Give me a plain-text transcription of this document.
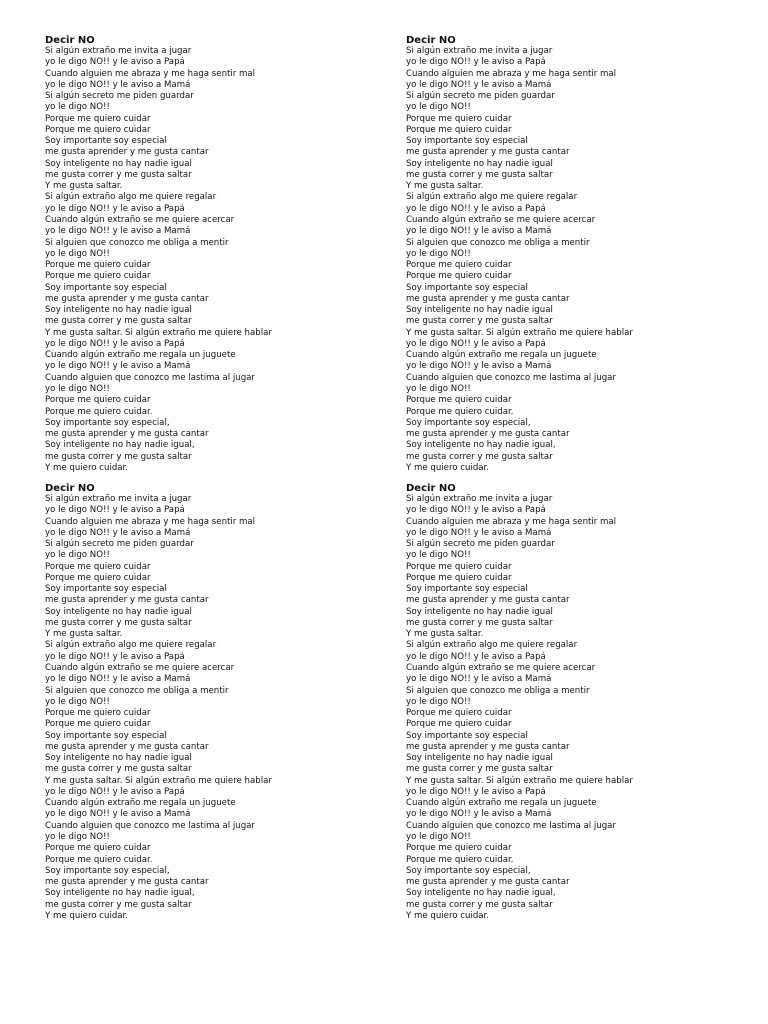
Decir NO
Si algún extraño me invita a jugar
yo le digo NO!! y le aviso a Papá
Cuando alguien me abraza y me haga sentir mal
yo le digo NO!! y le aviso a Mamá
Si algún secreto me piden guardar
yo le digo NO!!
Porque me quiero cuidar
Porque me quiero cuidar
Soy importante soy especial
me gusta aprender y me gusta cantar
Soy inteligente no hay nadie igual
me gusta correr y me gusta saltar
Y me gusta saltar.
Si algún extraño algo me quiere regalar
yo le digo NO!! y le aviso a Papá
Cuando algún extraño se me quiere acercar
yo le digo NO!! y le aviso a Mamá
Si alguien que conozco me obliga a mentir
yo le digo NO!!
Porque me quiero cuidar
Porque me quiero cuidar
Soy importante soy especial
me gusta aprender y me gusta cantar
Soy inteligente no hay nadie igual
me gusta correr y me gusta saltar
Y me gusta saltar. Si algún extraño me quiere hablar
yo le digo NO!! y le aviso a Papá
Cuando algún extraño me regala un juguete
yo le digo NO!! y le aviso a Mamá
Cuando alguien que conozco me lastima al jugar
yo le digo NO!!
Porque me quiero cuidar
Porque me quiero cuidar.
Soy importante soy especial,
me gusta aprender y me gusta cantar
Soy inteligente no hay nadie igual,
me gusta correr y me gusta saltar
Y me quiero cuidar.
Decir NO
Si algún extraño me invita a jugar
yo le digo NO!! y le aviso a Papá
Cuando alguien me abraza y me haga sentir mal
yo le digo NO!! y le aviso a Mamá
Si algún secreto me piden guardar
yo le digo NO!!
Porque me quiero cuidar
Porque me quiero cuidar
Soy importante soy especial
me gusta aprender y me gusta cantar
Soy inteligente no hay nadie igual
me gusta correr y me gusta saltar
Y me gusta saltar.
Si algún extraño algo me quiere regalar
yo le digo NO!! y le aviso a Papá
Cuando algún extraño se me quiere acercar
yo le digo NO!! y le aviso a Mamá
Si alguien que conozco me obliga a mentir
yo le digo NO!!
Porque me quiero cuidar
Porque me quiero cuidar
Soy importante soy especial
me gusta aprender y me gusta cantar
Soy inteligente no hay nadie igual
me gusta correr y me gusta saltar
Y me gusta saltar. Si algún extraño me quiere hablar
yo le digo NO!! y le aviso a Papá
Cuando algún extraño me regala un juguete
yo le digo NO!! y le aviso a Mamá
Cuando alguien que conozco me lastima al jugar
yo le digo NO!!
Porque me quiero cuidar
Porque me quiero cuidar.
Soy importante soy especial,
me gusta aprender y me gusta cantar
Soy inteligente no hay nadie igual,
me gusta correr y me gusta saltar
Y me quiero cuidar.
Decir NO
Si algún extraño me invita a jugar
yo le digo NO!! y le aviso a Papá
Cuando alguien me abraza y me haga sentir mal
yo le digo NO!! y le aviso a Mamá
Si algún secreto me piden guardar
yo le digo NO!!
Porque me quiero cuidar
Porque me quiero cuidar
Soy importante soy especial
me gusta aprender y me gusta cantar
Soy inteligente no hay nadie igual
me gusta correr y me gusta saltar
Y me gusta saltar.
Si algún extraño algo me quiere regalar
yo le digo NO!! y le aviso a Papá
Cuando algún extraño se me quiere acercar
yo le digo NO!! y le aviso a Mamá
Si alguien que conozco me obliga a mentir
yo le digo NO!!
Porque me quiero cuidar
Porque me quiero cuidar
Soy importante soy especial
me gusta aprender y me gusta cantar
Soy inteligente no hay nadie igual
me gusta correr y me gusta saltar
Y me gusta saltar. Si algún extraño me quiere hablar
yo le digo NO!! y le aviso a Papá
Cuando algún extraño me regala un juguete
yo le digo NO!! y le aviso a Mamá
Cuando alguien que conozco me lastima al jugar
yo le digo NO!!
Porque me quiero cuidar
Porque me quiero cuidar.
Soy importante soy especial,
me gusta aprender y me gusta cantar
Soy inteligente no hay nadie igual,
me gusta correr y me gusta saltar
Y me quiero cuidar.
Decir NO
Si algún extraño me invita a jugar
yo le digo NO!! y le aviso a Papá
Cuando alguien me abraza y me haga sentir mal
yo le digo NO!! y le aviso a Mamá
Si algún secreto me piden guardar
yo le digo NO!!
Porque me quiero cuidar
Porque me quiero cuidar
Soy importante soy especial
me gusta aprender y me gusta cantar
Soy inteligente no hay nadie igual
me gusta correr y me gusta saltar
Y me gusta saltar.
Si algún extraño algo me quiere regalar
yo le digo NO!! y le aviso a Papá
Cuando algún extraño se me quiere acercar
yo le digo NO!! y le aviso a Mamá
Si alguien que conozco me obliga a mentir
yo le digo NO!!
Porque me quiero cuidar
Porque me quiero cuidar
Soy importante soy especial
me gusta aprender y me gusta cantar
Soy inteligente no hay nadie igual
me gusta correr y me gusta saltar
Y me gusta saltar. Si algún extraño me quiere hablar
yo le digo NO!! y le aviso a Papá
Cuando algún extraño me regala un juguete
yo le digo NO!! y le aviso a Mamá
Cuando alguien que conozco me lastima al jugar
yo le digo NO!!
Porque me quiero cuidar
Porque me quiero cuidar.
Soy importante soy especial,
me gusta aprender y me gusta cantar
Soy inteligente no hay nadie igual,
me gusta correr y me gusta saltar
Y me quiero cuidar.
